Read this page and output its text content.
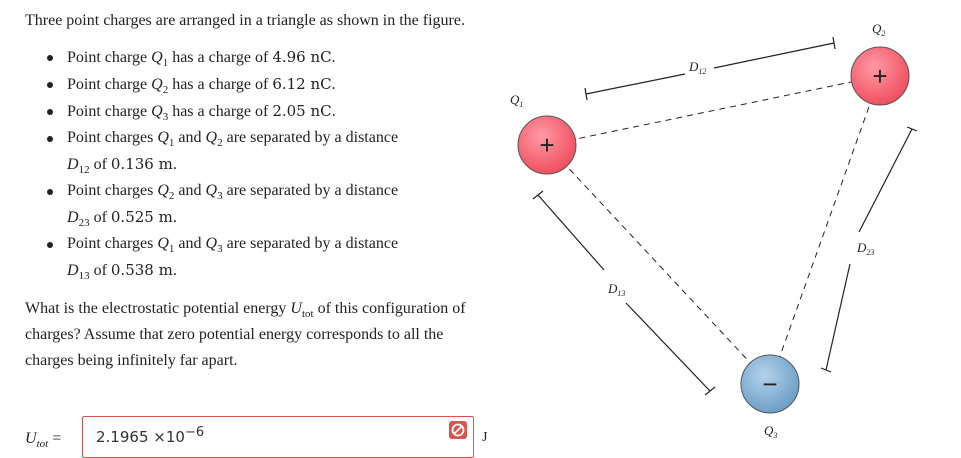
Three point charges are arranged in a triangle as shown in the figure.

Point charge $Q_1$ has a charge of 4.96 nC.
Point charge $Q_2$ has a charge of 6.12 nC.
Point charge $Q_3$ has a charge of 2.05 nC.
Point charges $Q_1$ and $Q_2$ are separated by a distance
$D_{12}$ of 0.136 m.
Point charges $Q_2$ and $Q_3$ are separated by a distance
$D_{23}$ of 0.525 m.
Point charges $Q_1$ and $Q_3$ are separated by a distance
$D_{13}$ of 0.538 m.

What is the electrostatic potential energy $U_{tot}$ of this configuration of charges? Assume that zero potential energy corresponds to all the charges being infinitely far apart.

$U_{tot} = 2.1965 \times 10^{-6}$	J
$D_{12}$
$D_{23}$
$D_{13}$
$Q_1$
+
$Q_2$
+
−
$Q_3$
